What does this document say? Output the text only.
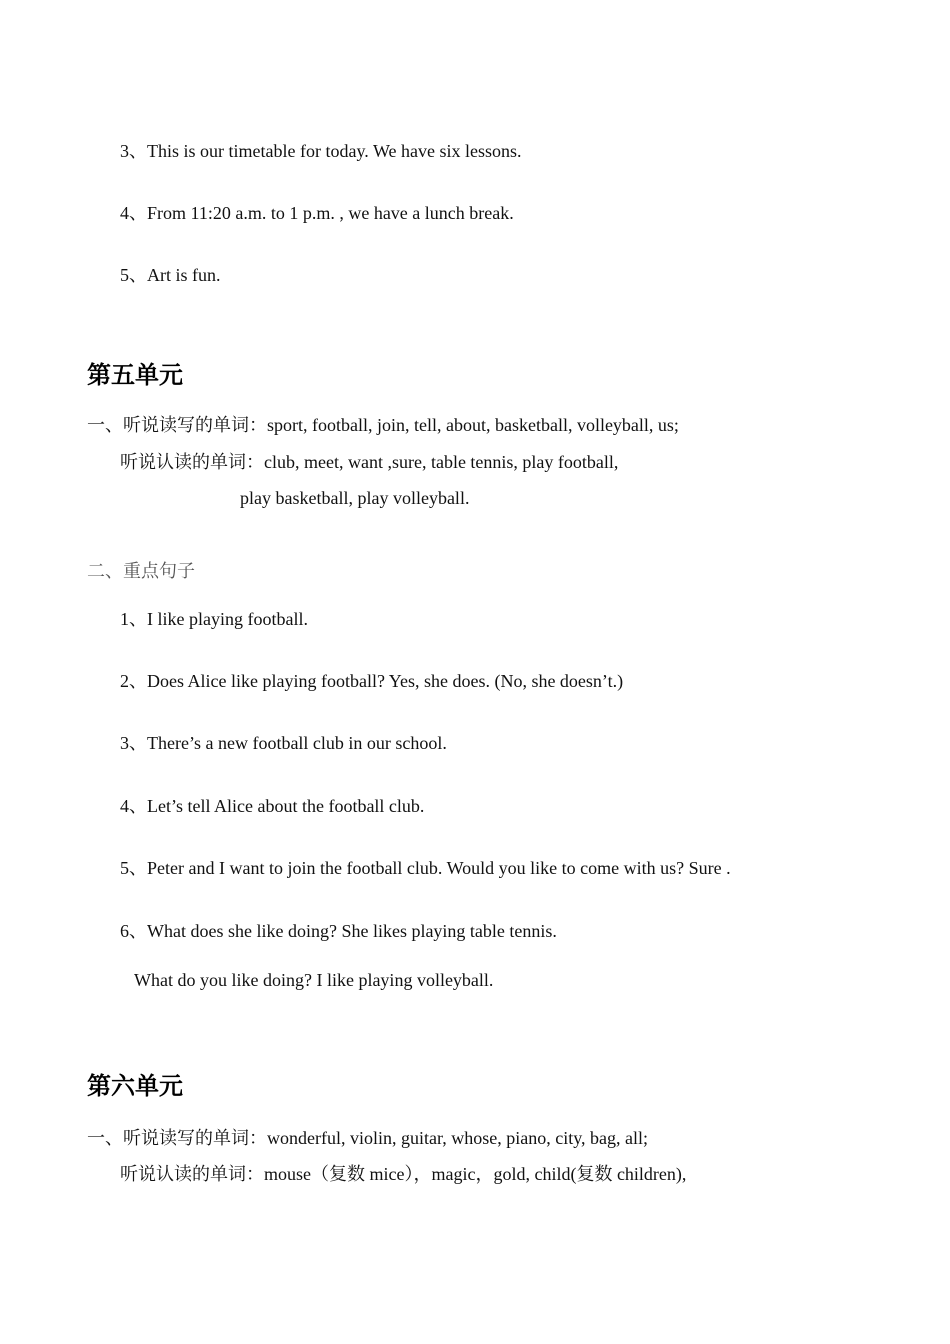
3、This is our timetable for today. We have six lessons.
4、From 11:20 a.m. to 1 p.m. , we have a lunch break.
5、Art is fun.
第五单元
一、听说读写的单词：sport, football, join, tell, about, basketball, volleyball, us;
听说认读的单词：club, meet, want ,sure, table tennis, play football,
play basketball, play volleyball.
二、重点句子
1、I like playing football.
2、Does Alice like playing football? Yes, she does. (No, she doesn’t.)
3、There’s a new football club in our school.
4、Let’s tell Alice about the football club.
5、Peter and I want to join the football club. Would you like to come with us? Sure .
6、What does she like doing? She likes playing table tennis.
What do you like doing? I like playing volleyball.
第六单元
一、听说读写的单词：wonderful, violin, guitar, whose, piano, city, bag, all;
听说认读的单词：mouse（复数 mice），magic，gold, child(复数 children),
